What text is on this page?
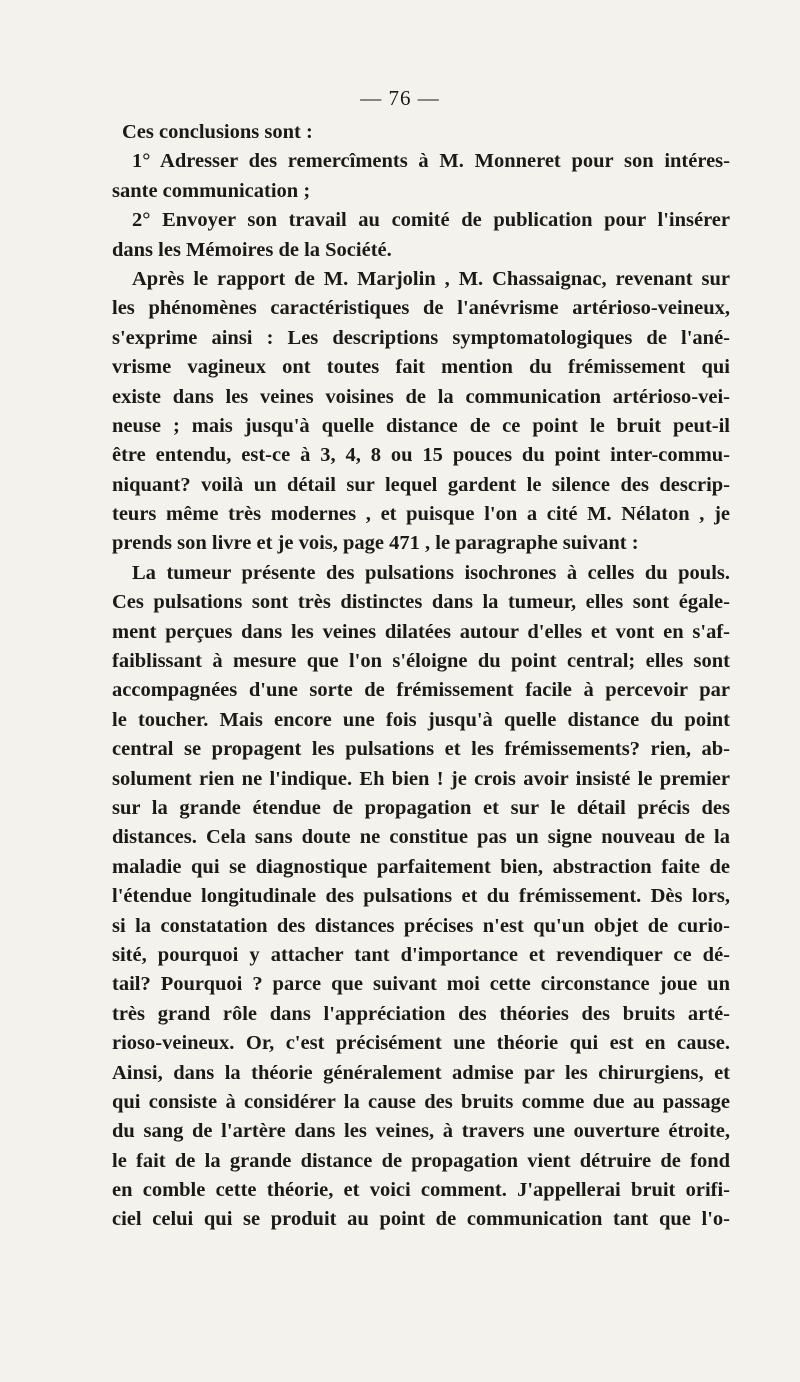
— 76 —
Ces conclusions sont :
1° Adresser des remercîments à M. Monneret pour son intéres-
sante communication ;
2° Envoyer son travail au comité de publication pour l'insérer
dans les Mémoires de la Société.
Après le rapport de M. Marjolin , M. Chassaignac, revenant sur
les phénomènes caractéristiques de l'anévrisme artérioso-veineux,
s'exprime ainsi : Les descriptions symptomatologiques de l'ané-
vrisme vagineux ont toutes fait mention du frémissement qui
existe dans les veines voisines de la communication artérioso-vei-
neuse ; mais jusqu'à quelle distance de ce point le bruit peut-il
être entendu, est-ce à 3, 4, 8 ou 15 pouces du point inter-commu-
niquant? voilà un détail sur lequel gardent le silence des descrip-
teurs même très modernes , et puisque l'on a cité M. Nélaton , je
prends son livre et je vois, page 471 , le paragraphe suivant :
La tumeur présente des pulsations isochrones à celles du pouls.
Ces pulsations sont très distinctes dans la tumeur, elles sont égale-
ment perçues dans les veines dilatées autour d'elles et vont en s'af-
faiblissant à mesure que l'on s'éloigne du point central; elles sont
accompagnées d'une sorte de frémissement facile à percevoir par
le toucher. Mais encore une fois jusqu'à quelle distance du point
central se propagent les pulsations et les frémissements? rien, ab-
solument rien ne l'indique. Eh bien ! je crois avoir insisté le premier
sur la grande étendue de propagation et sur le détail précis des
distances. Cela sans doute ne constitue pas un signe nouveau de la
maladie qui se diagnostique parfaitement bien, abstraction faite de
l'étendue longitudinale des pulsations et du frémissement. Dès lors,
si la constatation des distances précises n'est qu'un objet de curio-
sité, pourquoi y attacher tant d'importance et revendiquer ce dé-
tail? Pourquoi ? parce que suivant moi cette circonstance joue un
très grand rôle dans l'appréciation des théories des bruits arté-
rioso-veineux. Or, c'est précisément une théorie qui est en cause.
Ainsi, dans la théorie généralement admise par les chirurgiens, et
qui consiste à considérer la cause des bruits comme due au passage
du sang de l'artère dans les veines, à travers une ouverture étroite,
le fait de la grande distance de propagation vient détruire de fond
en comble cette théorie, et voici comment. J'appellerai bruit orifi-
ciel celui qui se produit au point de communication tant que l'o-
